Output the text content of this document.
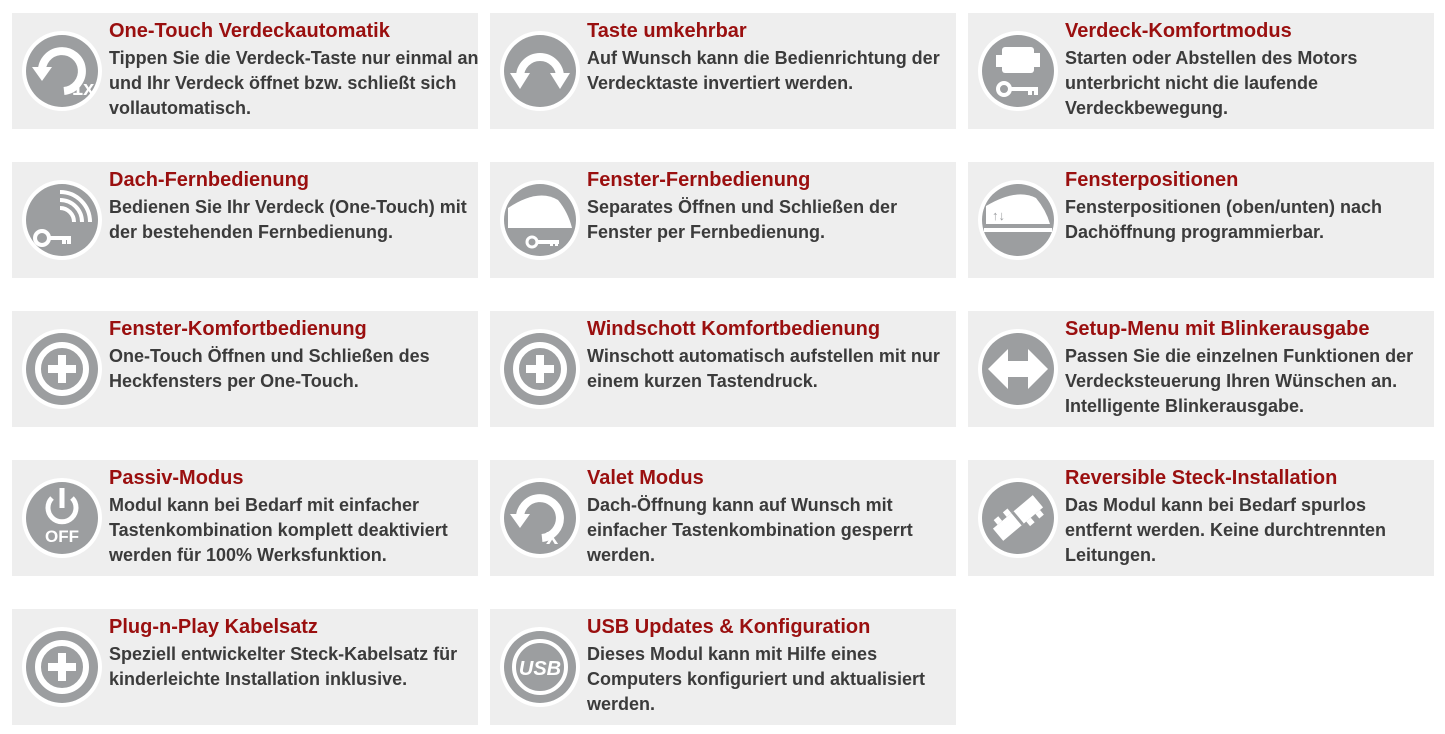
1x
One-Touch Verdeckautomatik
Tippen Sie die Verdeck-Taste nur einmal an und Ihr Verdeck öffnet bzw. schließt sich vollautomatisch.
Taste umkehrbar
Auf Wunsch kann die Bedienrichtung der Verdecktaste invertiert werden.
Verdeck-Komfortmodus
Starten oder Abstellen des Motors unterbricht nicht die laufende Verdeckbewegung.
Dach-Fernbedienung
Bedienen Sie Ihr Verdeck (One-Touch) mit der bestehenden Fernbedienung.
Fenster-Fernbedienung
Separates Öffnen und Schließen der Fenster per Fernbedienung.
↑↓
Fensterpositionen
Fensterpositionen (oben/unten) nach Dachöffnung programmierbar.
Fenster-Komfortbedienung
One-Touch Öffnen und Schließen des Heckfensters per One-Touch.
Windschott Komfortbedienung
Winschott automatisch aufstellen mit nur einem kurzen Tastendruck.
Setup-Menu mit Blinkerausgabe
Passen Sie die einzelnen Funktionen der Verdecksteuerung Ihren Wünschen an. Intelligente Blinkerausgabe.
OFF
Passiv-Modus
Modul kann bei Bedarf mit einfacher Tastenkombination komplett deaktiviert werden für 100% Werksfunktion.
x
Valet Modus
Dach-Öffnung kann auf Wunsch mit einfacher Tastenkombination gesperrt werden.
Reversible Steck-Installation
Das Modul kann bei Bedarf spurlos entfernt werden. Keine durchtrennten Leitungen.
Plug-n-Play Kabelsatz
Speziell entwickelter Steck-Kabelsatz für kinderleichte Installation inklusive.	USB
USB Updates & Konfiguration
Dieses Modul kann mit Hilfe eines Computers konfiguriert und aktualisiert werden.
